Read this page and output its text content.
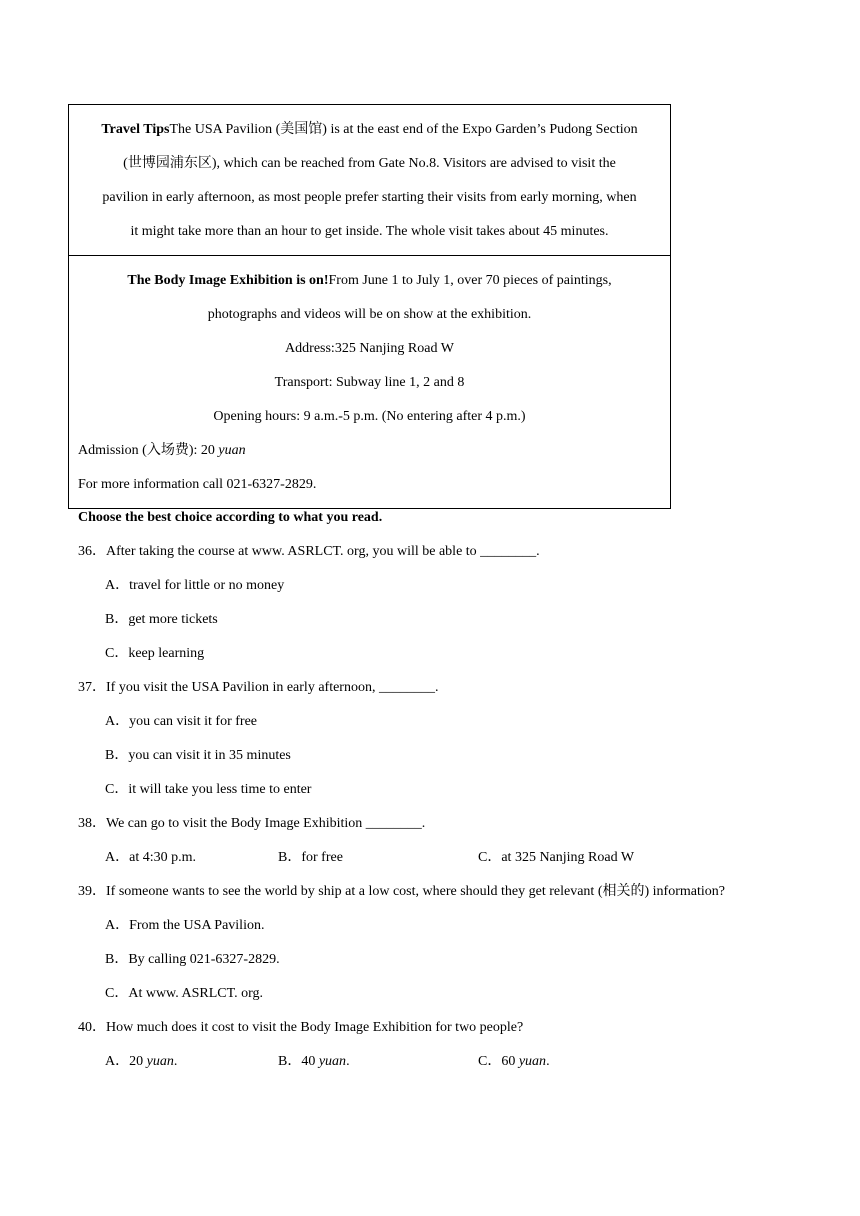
Travel TipsThe USA Pavilion (美国馆) is at the east end of the Expo Garden’s Pudong Section

(世博园浦东区), which can be reached from Gate No.8. Visitors are advised to visit the

pavilion in early afternoon, as most people prefer starting their visits from early morning, when

it might take more than an hour to get inside. The whole visit takes about 45 minutes.

The Body Image Exhibition is on!From June 1 to July 1, over 70 pieces of paintings,

photographs and videos will be on show at the exhibition.

Address:325 Nanjing Road W

Transport: Subway line 1, 2 and 8

Opening hours: 9 a.m.-5 p.m. (No entering after 4 p.m.)

Admission (入场费): 20 yuan

For more information call 021-6327-2829.

Choose the best choice according to what you read.

36．After taking the course at www. ASRLCT. org, you will be able to ________.

A．travel for little or no money

B．get more tickets

C．keep learning

37．If you visit the USA Pavilion in early afternoon, ________.

A．you can visit it for free

B．you can visit it in 35 minutes

C．it will take you less time to enter

38．We can go to visit the Body Image Exhibition ________.

A．at 4:30 p.m.	B．for free	C．at 325 Nanjing Road W

39．If someone wants to see the world by ship at a low cost, where should they get relevant (相关的) information?

A．From the USA Pavilion.

B．By calling 021-6327-2829.

C．At www. ASRLCT. org.

40．How much does it cost to visit the Body Image Exhibition for two people?

A．20 yuan.	B．40 yuan.	C．60 yuan.
